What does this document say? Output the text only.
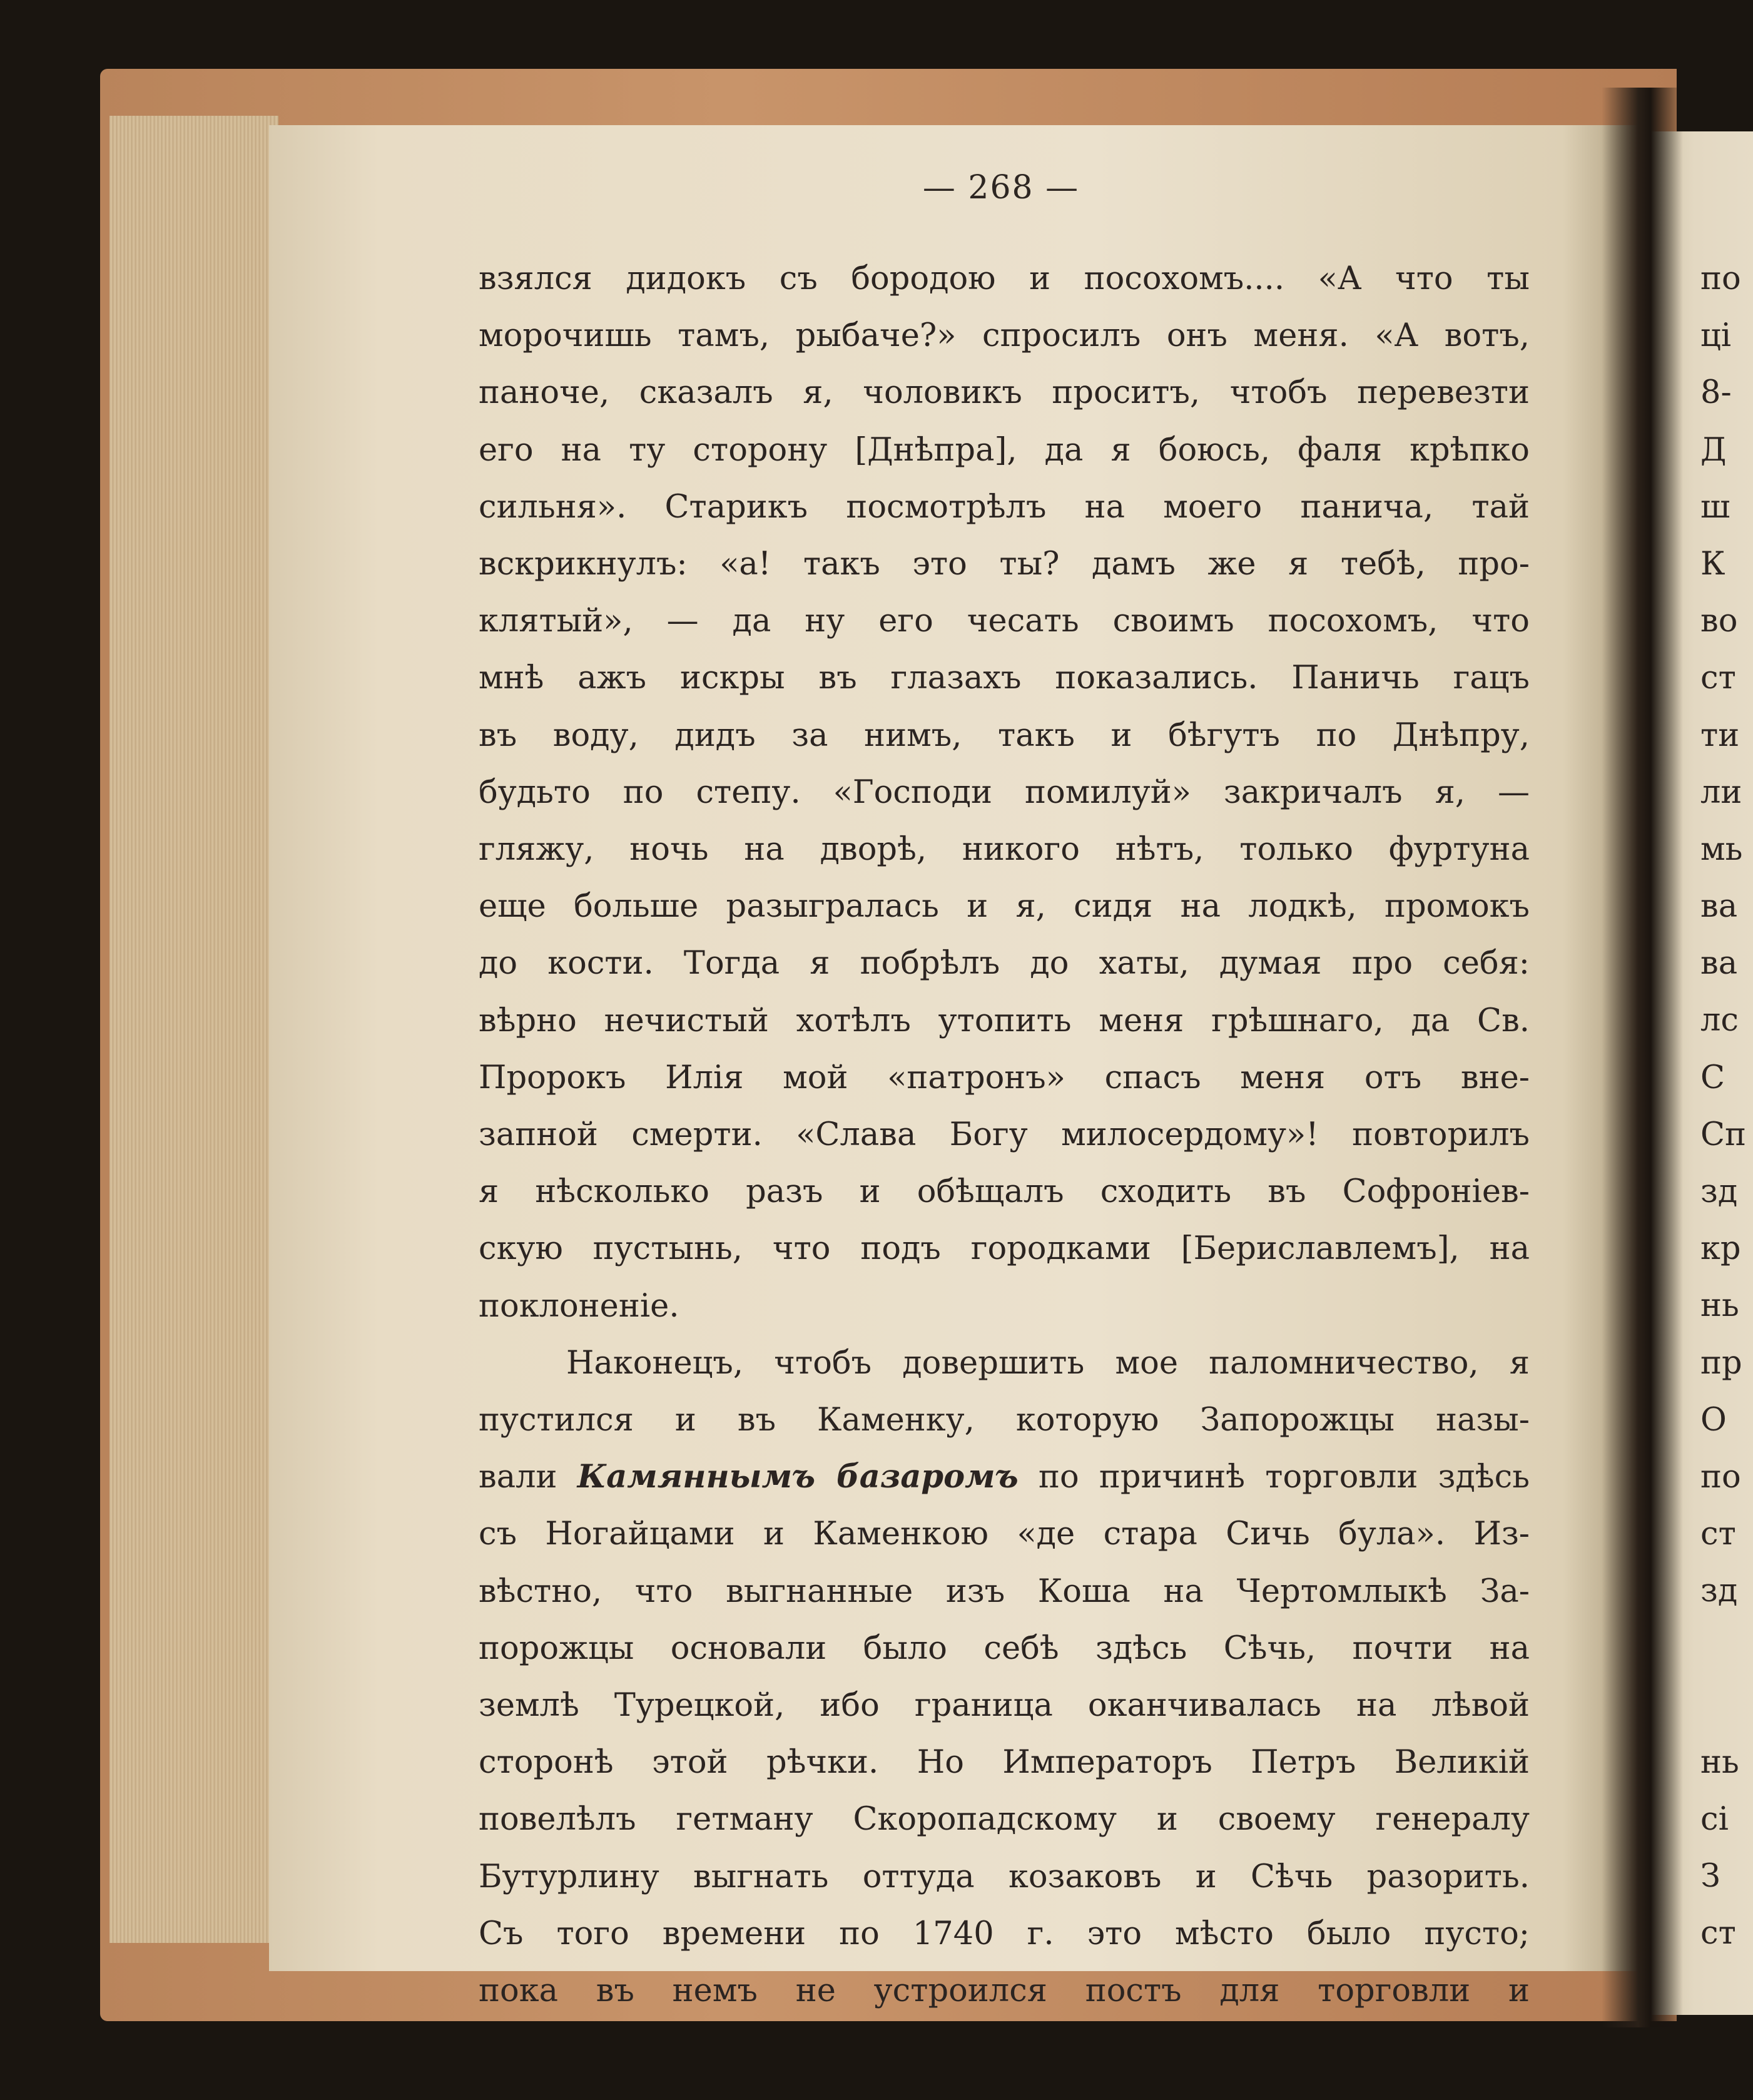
— 268 —
взялся дидокъ съ бородою и посохомъ.... «А что ты
морочишь тамъ, рыбаче?» спросилъ онъ меня. «А вотъ,
паноче, сказалъ я, чоловикъ проситъ, чтобъ перевезти
его на ту сторону [Днѣпра], да я боюсь, фаля крѣпко
сильня». Старикъ посмотрѣлъ на моего панича, тай
вскрикнулъ: «а! такъ это ты? дамъ же я тебѣ, про-
клятый», — да ну его чесать своимъ посохомъ, что
мнѣ ажъ искры въ глазахъ показались. Паничь гацъ
въ воду, дидъ за нимъ, такъ и бѣгутъ по Днѣпру,
будьто по степу. «Господи помилуй» закричалъ я, —
гляжу, ночь на дворѣ, никого нѣтъ, только фуртуна
еще больше разыгралась и я, сидя на лодкѣ, промокъ
до кости. Тогда я побрѣлъ до хаты, думая про себя:
вѣрно нечистый хотѣлъ утопить меня грѣшнаго, да Св.
Пророкъ Илія мой «патронъ» спасъ меня отъ вне-
запной смерти. «Слава Богу милосердому»! повторилъ
я нѣсколько разъ и обѣщалъ сходить въ Софроніев-
скую пустынь, что подъ городками [Бериславлемъ], на
поклоненіе.
Наконецъ, чтобъ довершить мое паломничество, я
пустился и въ Каменку, которую Запорожцы назы-
вали Камяннымъ базаромъ по причинѣ торговли здѣсь
съ Ногайцами и Каменкою «де стара Сичь була». Из-
вѣстно, что выгнанные изъ Коша на Чертомлыкѣ За-
порожцы основали было себѣ здѣсь Сѣчь, почти на
землѣ Турецкой, ибо граница оканчивалась на лѣвой
сторонѣ этой рѣчки. Но Императоръ Петръ Великій
повелѣлъ гетману Скоропадскому и своему генералу
Бутурлину выгнать оттуда козаковъ и Сѣчь разорить.
Съ того времени по 1740 г. это мѣсто было пусто;
пока въ немъ не устроился постъ для торговли и
по
ці
8-
Д
ш
К
во
ст
ти
ли
мь
ва
ва
лс
С
Сп
зд
кр
нь
пр
О
по
ст
зд
нь
сі
З
ст
